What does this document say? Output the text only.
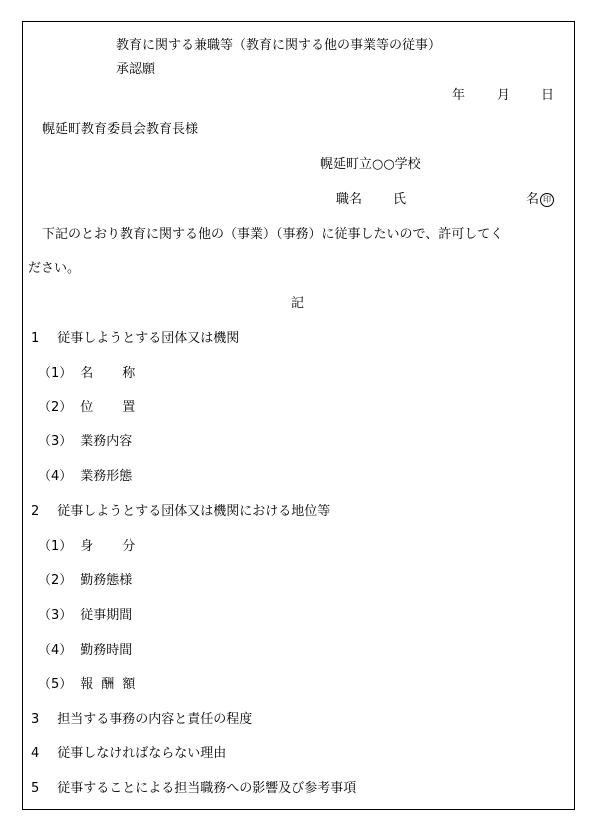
教育に関する兼職等（教育に関する他の事業等の従事）
承認願
年 月 日
幌延町教育委員会教育長様
幌延町立○○学校
職名 氏	名 印
下記のとおり教育に関する他の（事業）（事務）に従事したいので、許可してく
ださい。
記
1 従事しようとする団体又は機関
（1） 名 称
（2） 位 置
（3） 業務内容
（4） 業務形態
2 従事しようとする団体又は機関における地位等
（1） 身 分
（2） 勤務態様
（3） 従事期間
（4） 勤務時間
（5） 報 酬 額
3 担当する事務の内容と責任の程度
4 従事しなければならない理由
5 従事することによる担当職務への影響及び参考事項
